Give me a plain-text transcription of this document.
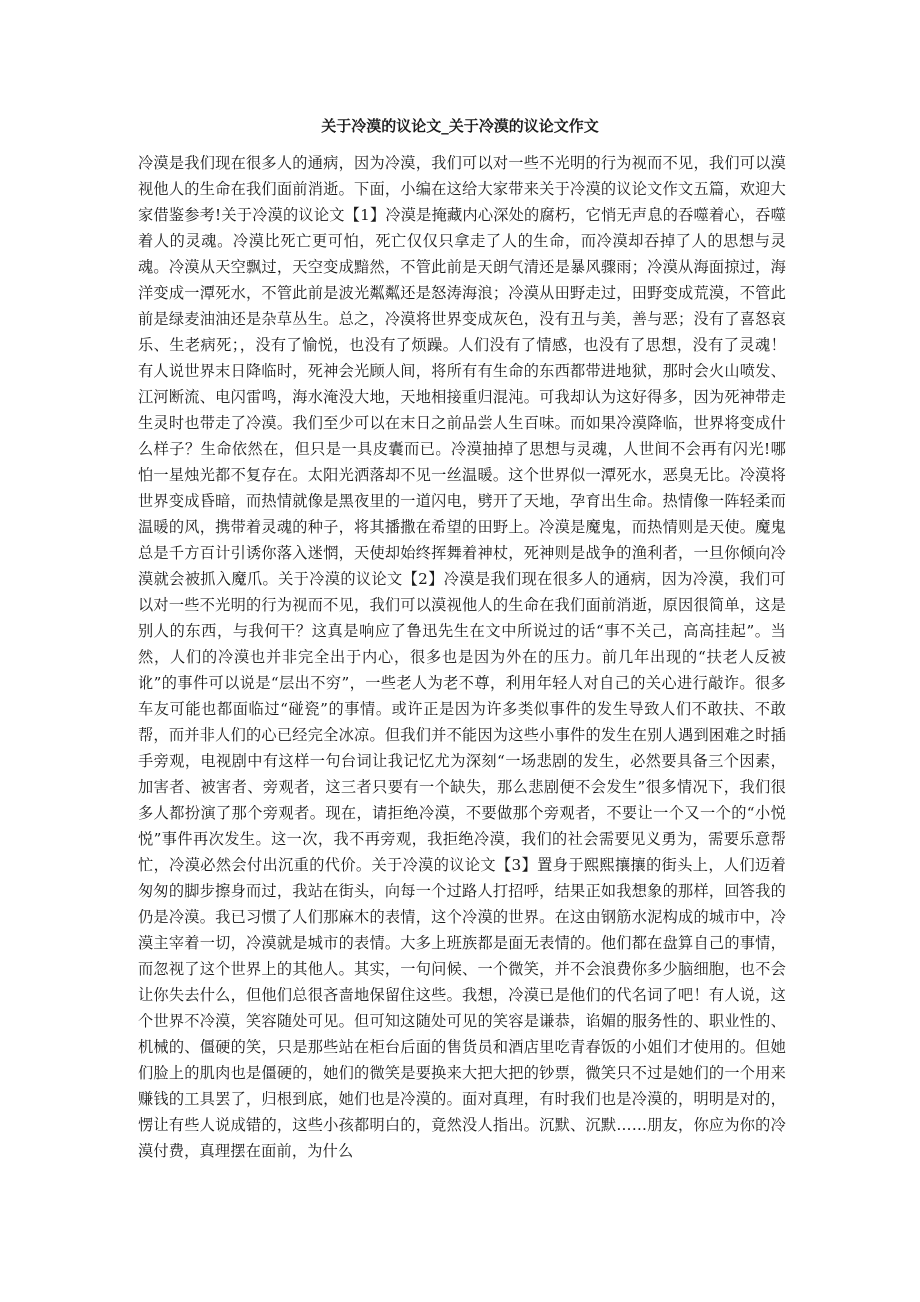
关于冷漠的议论文_关于冷漠的议论文作文

冷漠是我们现在很多人的通病，因为冷漠，我们可以对一些不光明的行为视而不见，我们可以漠视他人的生命在我们面前消逝。下面，小编在这给大家带来关于冷漠的议论文作文五篇，欢迎大家借鉴参考!关于冷漠的议论文【1】冷漠是掩藏内心深处的腐朽，它悄无声息的吞噬着心，吞噬着人的灵魂。冷漠比死亡更可怕，死亡仅仅只拿走了人的生命，而冷漠却吞掉了人的思想与灵魂。冷漠从天空飘过，天空变成黯然，不管此前是天朗气清还是暴风骤雨；冷漠从海面掠过，海洋变成一潭死水，不管此前是波光粼粼还是怒涛海浪；冷漠从田野走过，田野变成荒漠，不管此前是绿麦油油还是杂草丛生。总之，冷漠将世界变成灰色，没有丑与美，善与恶；没有了喜怒哀乐、生老病死；，没有了愉悦，也没有了烦躁。人们没有了情感，也没有了思想，没有了灵魂！有人说世界末日降临时，死神会光顾人间，将所有有生命的东西都带进地狱，那时会火山喷发、江河断流、电闪雷鸣，海水淹没大地，天地相接重归混沌。可我却认为这好得多，因为死神带走生灵时也带走了冷漠。我们至少可以在末日之前品尝人生百味。而如果冷漠降临，世界将变成什么样子？生命依然在，但只是一具皮囊而已。冷漠抽掉了思想与灵魂，人世间不会再有闪光!哪怕一星烛光都不复存在。太阳光洒落却不见一丝温暖。这个世界似一潭死水，恶臭无比。冷漠将世界变成昏暗，而热情就像是黑夜里的一道闪电，劈开了天地，孕育出生命。热情像一阵轻柔而温暖的风，携带着灵魂的种子，将其播撒在希望的田野上。冷漠是魔鬼，而热情则是天使。魔鬼总是千方百计引诱你落入迷惘，天使却始终挥舞着神杖，死神则是战争的渔利者，一旦你倾向冷漠就会被抓入魔爪。关于冷漠的议论文【2】冷漠是我们现在很多人的通病，因为冷漠，我们可以对一些不光明的行为视而不见，我们可以漠视他人的生命在我们面前消逝，原因很简单，这是别人的东西，与我何干？这真是响应了鲁迅先生在文中所说过的话“事不关己，高高挂起”。当然，人们的冷漠也并非完全出于内心，很多也是因为外在的压力。前几年出现的“扶老人反被讹”的事件可以说是“层出不穷”，一些老人为老不尊，利用年轻人对自己的关心进行敲诈。很多车友可能也都面临过“碰瓷”的事情。或许正是因为许多类似事件的发生导致人们不敢扶、不敢帮，而并非人们的心已经完全冰凉。但我们并不能因为这些小事件的发生在别人遇到困难之时插手旁观，电视剧中有这样一句台词让我记忆尤为深刻“一场悲剧的发生，必然要具备三个因素，加害者、被害者、旁观者，这三者只要有一个缺失，那么悲剧便不会发生”很多情况下，我们很多人都扮演了那个旁观者。现在，请拒绝冷漠，不要做那个旁观者，不要让一个又一个的“小悦悦”事件再次发生。这一次，我不再旁观，我拒绝冷漠，我们的社会需要见义勇为，需要乐意帮忙，冷漠必然会付出沉重的代价。关于冷漠的议论文【3】置身于熙熙攘攘的街头上，人们迈着匆匆的脚步擦身而过，我站在街头，向每一个过路人打招呼，结果正如我想象的那样，回答我的仍是冷漠。我已习惯了人们那麻木的表情，这个冷漠的世界。在这由钢筋水泥构成的城市中，冷漠主宰着一切，冷漠就是城市的表情。大多上班族都是面无表情的。他们都在盘算自己的事情，而忽视了这个世界上的其他人。其实，一句问候、一个微笑，并不会浪费你多少脑细胞，也不会让你失去什么，但他们总很吝啬地保留住这些。我想，冷漠已是他们的代名词了吧！有人说，这个世界不冷漠，笑容随处可见。但可知这随处可见的笑容是谦恭，谄媚的服务性的、职业性的、机械的、僵硬的笑，只是那些站在柜台后面的售货员和酒店里吃青春饭的小姐们才使用的。但她们脸上的肌肉也是僵硬的，她们的微笑是要换来大把大把的钞票，微笑只不过是她们的一个用来赚钱的工具罢了，归根到底，她们也是冷漠的。面对真理，有时我们也是冷漠的，明明是对的，愣让有些人说成错的，这些小孩都明白的，竟然没人指出。沉默、沉默……朋友，你应为你的冷漠付费，真理摆在面前，为什么
